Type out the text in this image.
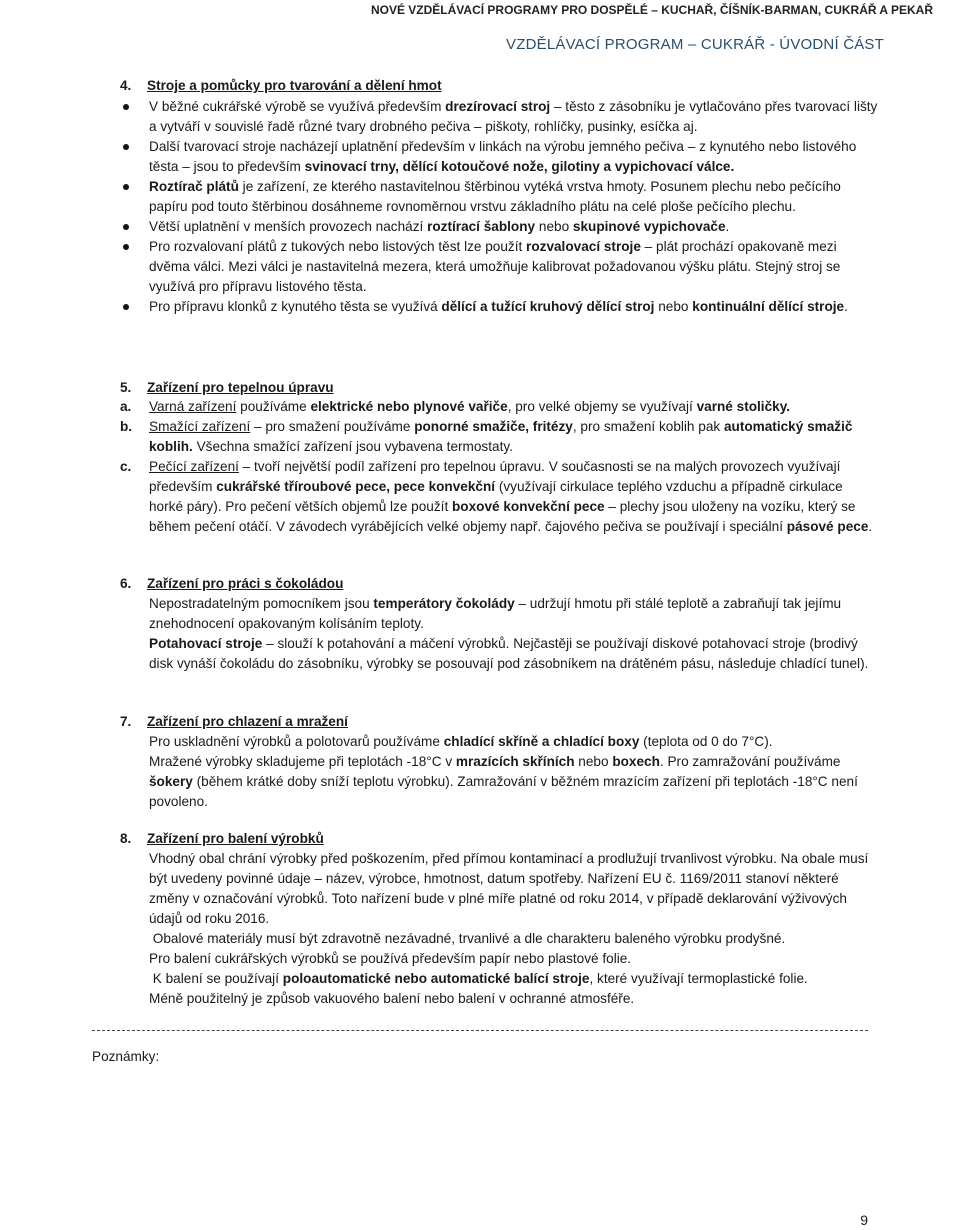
NOVÉ VZDĚLÁVACÍ PROGRAMY PRO DOSPĚLÉ – KUCHAŘ, ČÍŠNÍK-BARMAN, CUKRÁŘ A PEKAŘ
VZDĚLÁVACÍ PROGRAM – CUKRÁŘ - ÚVODNÍ ČÁST
4. Stroje a pomůcky pro tvarování a dělení hmot
V běžné cukrářské výrobě se využívá především drezírovací stroj – těsto z zásobníku je vytlačováno přes tvarovací lišty a vytváří v souvislé řadě různé tvary drobného pečiva – piškoty, rohlíčky, pusinky, esíčka aj.
Další tvarovací stroje nacházejí uplatnění především v linkách na výrobu jemného pečiva – z kynutého nebo listového těsta – jsou to především svinovací trny, dělící kotoučové nože, gilotiny a vypichovací válce.
Roztírač plátů je zařízení, ze kterého nastavitelnou štěrbinou vytéká vrstva hmoty. Posunem plechu nebo pečícího papíru pod touto štěrbinou dosáhneme rovnoměrnou vrstvu základního plátu na celé ploše pečícího plechu.
Větší uplatnění v menších provozech nachází roztírací šablony nebo skupinové vypichovače.
Pro rozvalovaní plátů z tukových nebo listových těst lze použít rozvalovací stroje – plát prochází opakovaně mezi dvěma válci. Mezi válci je nastavitelná mezera, která umožňuje kalibrovat požadovanou výšku plátu. Stejný stroj se využívá pro přípravu listového těsta.
Pro přípravu klonků z kynutého těsta se využívá dělící a tužící kruhový dělící stroj nebo kontinuální dělící stroje.
5. Zařízení pro tepelnou úpravu
a. Varná zařízení používáme elektrické nebo plynové vařiče, pro velké objemy se využívají varné stoličky.
b. Smažící zařízení – pro smažení používáme ponorné smažiče, fritézy, pro smažení koblih pak automatický smažič koblih. Všechna smažící zařízení jsou vybavena termostaty.
c. Pečící zařízení – tvoří největší podíl zařízení pro tepelnou úpravu. V současnosti se na malých provozech využívají především cukrářské tříroubové pece, pece konvekční (využívají cirkulace teplého vzduchu a případně cirkulace horké páry). Pro pečení větších objemů lze použít boxové konvekční pece – plechy jsou uloženy na vozíku, který se během pečení otáčí. V závodech vyrábějících velké objemy např. čajového pečiva se používají i speciální pásové pece.
6. Zařízení pro práci s čokoládou

Nepostradatelným pomocníkem jsou temperátory čokolády – udržují hmotu při stálé teplotě a zabraňují tak jejímu znehodnocení opakovaným kolísáním teploty.

Potahovací stroje – slouží k potahování a máčení výrobků. Nejčastěji se používají diskové potahovací stroje (brodivý disk vynáší čokoládu do zásobníku, výrobky se posouvají pod zásobníkem na drátěném pásu, následuje chladící tunel).

7. Zařízení pro chlazení a mražení

Pro uskladnění výrobků a polotovarů používáme chladící skříně a chladící boxy (teplota od 0 do 7°C).

Mražené výrobky skladujeme při teplotách -18°C v mrazících skříních nebo boxech. Pro zamražování používáme šokery (během krátké doby sníží teplotu výrobku). Zamražování v běžném mrazícím zařízení při teplotách -18°C není povoleno.

8. Zařízení pro balení výrobků

Vhodný obal chrání výrobky před poškozením, před přímou kontaminací a prodlužují trvanlivost výrobku. Na obale musí být uvedeny povinné údaje – název, výrobce, hmotnost, datum spotřeby. Nařízení EU č. 1169/2011 stanoví některé změny v označování výrobků. Toto nařízení bude v plné míře platné od roku 2014, v případě deklarování výživových údajů od roku 2016.

Obalové materiály musí být zdravotně nezávadné, trvanlivé a dle charakteru baleného výrobku prodyšné.

Pro balení cukrářských výrobků se používá především papír nebo plastové folie.

K balení se používají poloautomatické nebo automatické balící stroje, které využívají termoplastické folie.

Méně použitelný je způsob vakuového balení nebo balení v ochranné atmosféře.

Poznámky:
9
